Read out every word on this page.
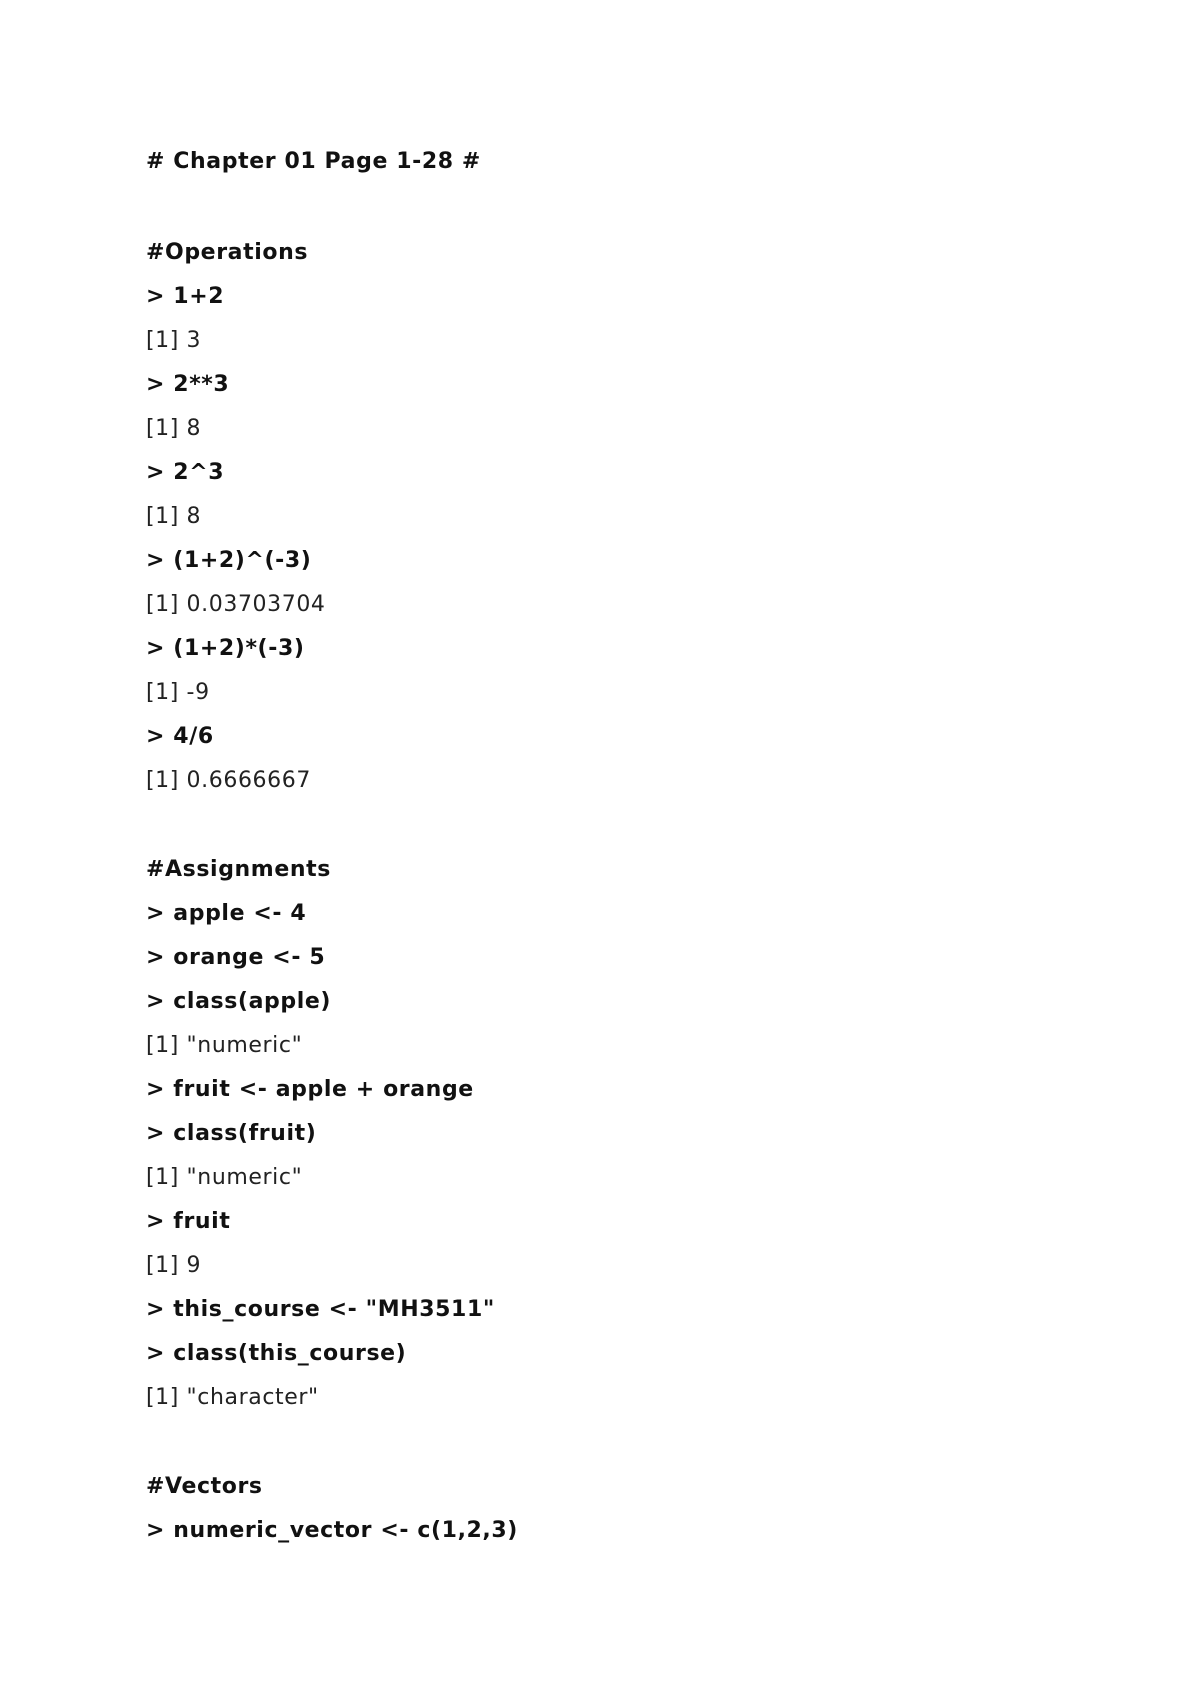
# Chapter 01 Page 1-28 #
#Operations
> 1+2
[1] 3
> 2**3
[1] 8
> 2^3
[1] 8
> (1+2)^(-3)
[1] 0.03703704
> (1+2)*(-3)
[1] -9
> 4/6
[1] 0.6666667
#Assignments
> apple <- 4
> orange <- 5
> class(apple)
[1] "numeric"
> fruit <- apple + orange
> class(fruit)
[1] "numeric"
> fruit
[1] 9
> this_course <- "MH3511"
> class(this_course)
[1] "character"
#Vectors
> numeric_vector <- c(1,2,3)
